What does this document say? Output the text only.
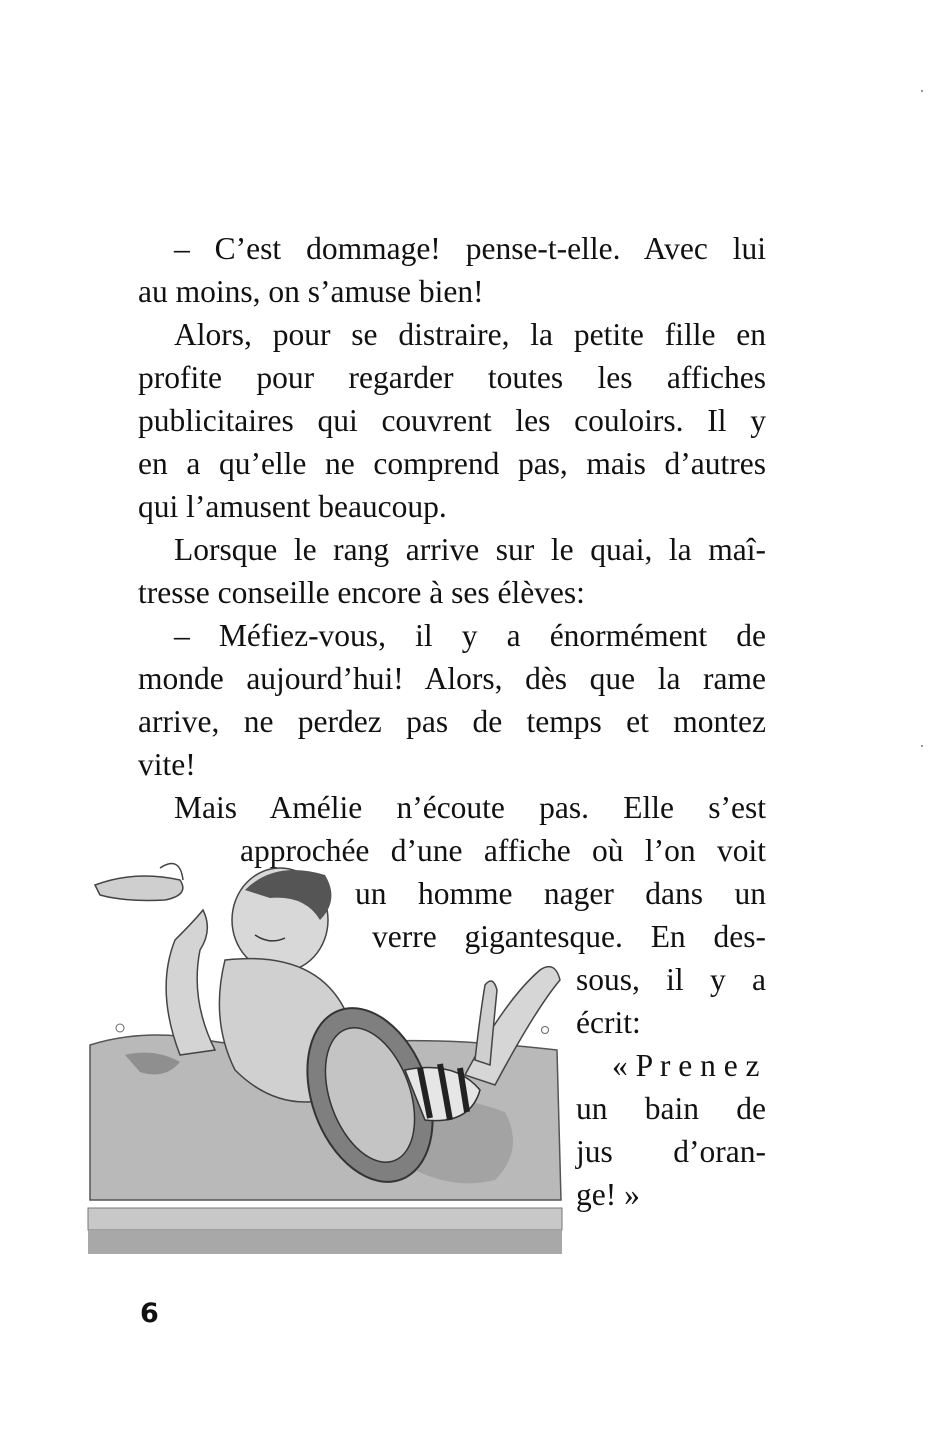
– C’est dommage! pense-t-elle. Avec lui

au moins, on s’amuse bien!

Alors, pour se distraire, la petite fille en

profite pour regarder toutes les affiches

publicitaires qui couvrent les couloirs. Il y

en a qu’elle ne comprend pas, mais d’autres

qui l’amusent beaucoup.

Lorsque le rang arrive sur le quai, la maî-

tresse conseille encore à ses élèves:

– Méfiez-vous, il y a énormément de

monde aujourd’hui! Alors, dès que la rame

arrive, ne perdez pas de temps et montez

vite!

Mais Amélie n’écoute pas. Elle s’est

approchée d’une affiche où l’on voit

un homme nager dans un

verre gigantesque. En des-

sous, il y a

écrit:

« P r e n e z

un bain de

jus d’oran-

ge! »

6
